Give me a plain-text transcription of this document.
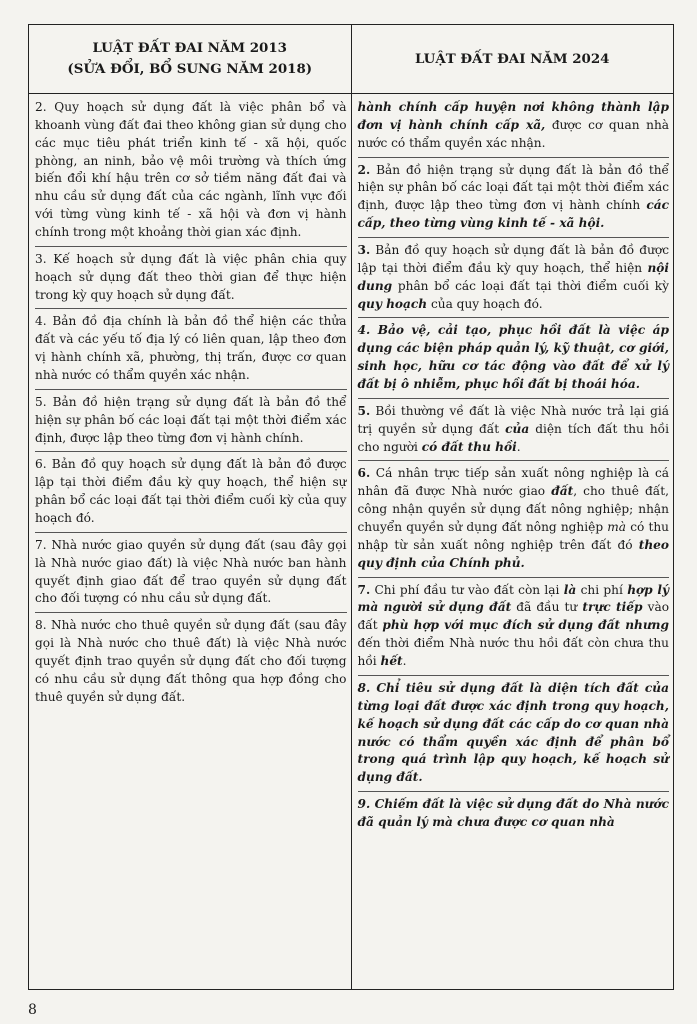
LUẬT ĐẤT ĐAI NĂM 2013
(SỬA ĐỔI, BỔ SUNG NĂM 2018)
LUẬT ĐẤT ĐAI NĂM 2024
2. Quy hoạch sử dụng đất là việc phân bổ và khoanh vùng đất đai theo không gian sử dụng cho các mục tiêu phát triển kinh tế - xã hội, quốc phòng, an ninh, bảo vệ môi trường và thích ứng biến đổi khí hậu trên cơ sở tiềm năng đất đai và nhu cầu sử dụng đất của các ngành, lĩnh vực đối với từng vùng kinh tế - xã hội và đơn vị hành chính trong một khoảng thời gian xác định.
3. Kế hoạch sử dụng đất là việc phân chia quy hoạch sử dụng đất theo thời gian để thực hiện trong kỳ quy hoạch sử dụng đất.
4. Bản đồ địa chính là bản đồ thể hiện các thửa đất và các yếu tố địa lý có liên quan, lập theo đơn vị hành chính xã, phường, thị trấn, được cơ quan nhà nước có thẩm quyền xác nhận.
5. Bản đồ hiện trạng sử dụng đất là bản đồ thể hiện sự phân bố các loại đất tại một thời điểm xác định, được lập theo từng đơn vị hành chính.
6. Bản đồ quy hoạch sử dụng đất là bản đồ được lập tại thời điểm đầu kỳ quy hoạch, thể hiện sự phân bổ các loại đất tại thời điểm cuối kỳ của quy hoạch đó.
7. Nhà nước giao quyền sử dụng đất (sau đây gọi là Nhà nước giao đất) là việc Nhà nước ban hành quyết định giao đất để trao quyền sử dụng đất cho đối tượng có nhu cầu sử dụng đất.
8. Nhà nước cho thuê quyền sử dụng đất (sau đây gọi là Nhà nước cho thuê đất) là việc Nhà nước quyết định trao quyền sử dụng đất cho đối tượng có nhu cầu sử dụng đất thông qua hợp đồng cho thuê quyền sử dụng đất.
hành chính cấp huyện nơi không thành lập đơn vị hành chính cấp xã, được cơ quan nhà nước có thẩm quyền xác nhận.
2. Bản đồ hiện trạng sử dụng đất là bản đồ thể hiện sự phân bố các loại đất tại một thời điểm xác định, được lập theo từng đơn vị hành chính các cấp, theo từng vùng kinh tế - xã hội.
3. Bản đồ quy hoạch sử dụng đất là bản đồ được lập tại thời điểm đầu kỳ quy hoạch, thể hiện nội dung phân bổ các loại đất tại thời điểm cuối kỳ quy hoạch của quy hoạch đó.
4. Bảo vệ, cải tạo, phục hồi đất là việc áp dụng các biện pháp quản lý, kỹ thuật, cơ giới, sinh học, hữu cơ tác động vào đất để xử lý đất bị ô nhiễm, phục hồi đất bị thoái hóa.
5. Bồi thường về đất là việc Nhà nước trả lại giá trị quyền sử dụng đất của diện tích đất thu hồi cho người có đất thu hồi.
6. Cá nhân trực tiếp sản xuất nông nghiệp là cá nhân đã được Nhà nước giao đất, cho thuê đất, công nhận quyền sử dụng đất nông nghiệp; nhận chuyển quyền sử dụng đất nông nghiệp mà có thu nhập từ sản xuất nông nghiệp trên đất đó theo quy định của Chính phủ.
7. Chi phí đầu tư vào đất còn lại là chi phí hợp lý mà người sử dụng đất đã đầu tư trực tiếp vào đất phù hợp với mục đích sử dụng đất nhưng đến thời điểm Nhà nước thu hồi đất còn chưa thu hồi hết.
8. Chỉ tiêu sử dụng đất là diện tích đất của từng loại đất được xác định trong quy hoạch, kế hoạch sử dụng đất các cấp do cơ quan nhà nước có thẩm quyền xác định để phân bổ trong quá trình lập quy hoạch, kế hoạch sử dụng đất.
9. Chiếm đất là việc sử dụng đất do Nhà nước đã quản lý mà chưa được cơ quan nhà
8
